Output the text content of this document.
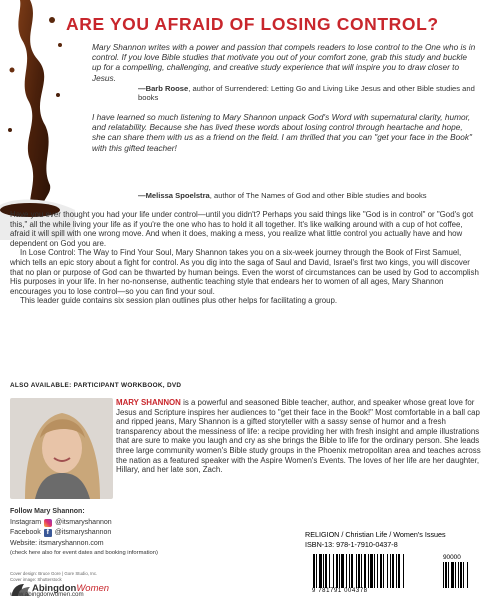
ARE YOU AFRAID OF LOSING CONTROL?
Mary Shannon writes with a power and passion that compels readers to lose control to the One who is in control. If you love Bible studies that motivate you out of your comfort zone, grab this study and buckle up for a compelling, challenging, and creative study experience that will inspire you to draw closer to Jesus.
—Barb Roose, author of Surrendered: Letting Go and Living Like Jesus and other Bible studies and books
I have learned so much listening to Mary Shannon unpack God's Word with supernatural clarity, humor, and relatability. Because she has lived these words about losing control through heartache and hope, she can share them with us as a friend on the field. I am thrilled that you can "get your face in the Book" with this gifted teacher!
—Melissa Spoelstra, author of The Names of God and other Bible studies and books

Have you ever thought you had your life under control—until you didn't? Perhaps you said things like "God is in control" or "God's got this," all the while living your life as if you're the one who has to hold it all together. It's like walking around with a cup of hot coffee, afraid it will spill with one wrong move. And when it does, making a mess, you realize what little control you actually have and how dependent on God you are.

In Lose Control: The Way to Find Your Soul, Mary Shannon takes you on a six-week journey through the Book of First Samuel, which tells an epic story about a fight for control. As you dig into the saga of Saul and David, Israel's first two kings, you will discover that no plan or purpose of God can be thwarted by human beings. Even the worst of circumstances can be used by God to accomplish His purposes in your life. In her no-nonsense, authentic teaching style that endears her to women of all ages, Mary Shannon encourages you to lose control—so you can find your soul.

This leader guide contains six session plan outlines plus other helps for facilitating a group.

ALSO AVAILABLE: PARTICIPANT WORKBOOK, DVD
MARY SHANNON is a powerful and seasoned Bible teacher, author, and speaker whose great love for Jesus and Scripture inspires her audiences to "get their face in the Book!" Most comfortable in a ball cap and ripped jeans, Mary Shannon is a gifted storyteller with a sassy sense of humor and a fresh transparency about the messiness of life: a recipe providing her with fresh insight and ample illustrations that are sure to make you laugh and cry as she brings the Bible to life for the ordinary person. She leads three large community women's Bible study groups in the Phoenix metropolitan area and teaches across the nation as a featured speaker with the Aspire Women's Events. The loves of her life are her daughter, Hillary, and her late son, Zach.
Follow Mary Shannon:
Instagram @itsmaryshannon
Facebook f @itsmaryshannon
Website: itsmaryshannon.com
(check here also for event dates and booking information)
Cover design: Bruce Gore | Gore Studio, Inc.
Cover image: Shutterstock
AbingdonWomen
www.abingdonwomen.com
RELIGION / Christian Life / Women's Issues
ISBN-13: 978-1-7910-0437-8
90000
9 781791 004378
